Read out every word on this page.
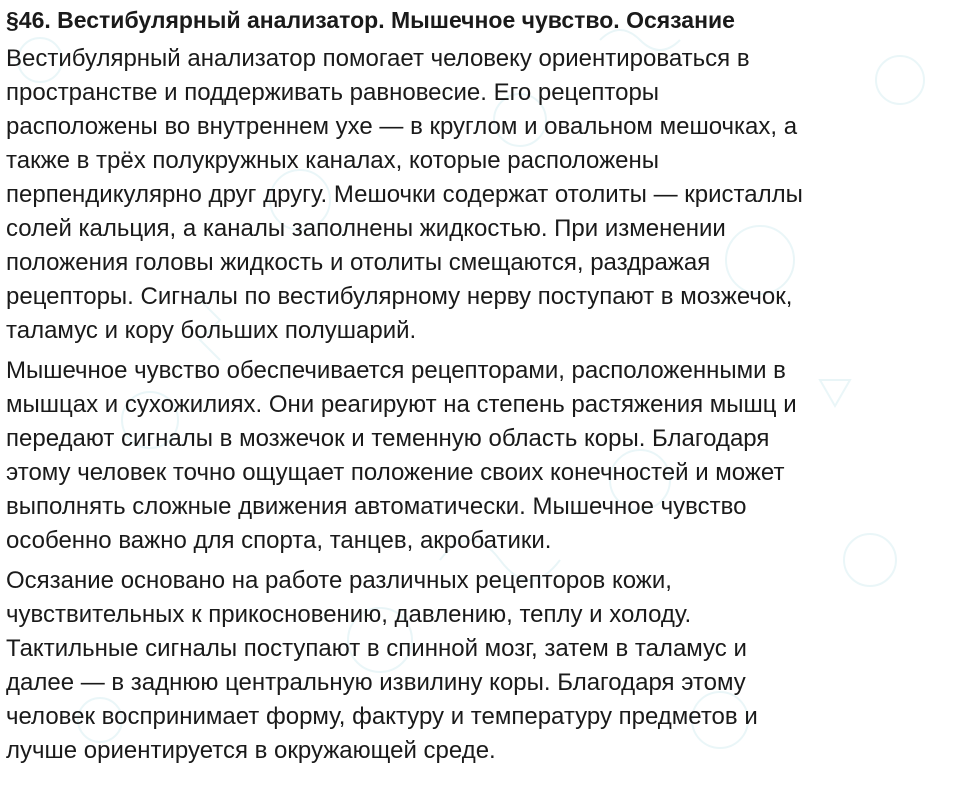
§46. Вестибулярный анализатор. Мышечное чувство. Осязание
Вестибулярный анализатор помогает человеку ориентироваться в
пространстве и поддерживать равновесие. Его рецепторы
расположены во внутреннем ухе — в круглом и овальном мешочках, а
также в трёх полукружных каналах, которые расположены
перпендикулярно друг другу. Мешочки содержат отолиты — кристаллы
солей кальция, а каналы заполнены жидкостью. При изменении
положения головы жидкость и отолиты смещаются, раздражая
рецепторы. Сигналы по вестибулярному нерву поступают в мозжечок,
таламус и кору больших полушарий.
Мышечное чувство обеспечивается рецепторами, расположенными в
мышцах и сухожилиях. Они реагируют на степень растяжения мышц и
передают сигналы в мозжечок и теменную область коры. Благодаря
этому человек точно ощущает положение своих конечностей и может
выполнять сложные движения автоматически. Мышечное чувство
особенно важно для спорта, танцев, акробатики.
Осязание основано на работе различных рецепторов кожи,
чувствительных к прикосновению, давлению, теплу и холоду.
Тактильные сигналы поступают в спинной мозг, затем в таламус и
далее — в заднюю центральную извилину коры. Благодаря этому
человек воспринимает форму, фактуру и температуру предметов и
лучше ориентируется в окружающей среде.
